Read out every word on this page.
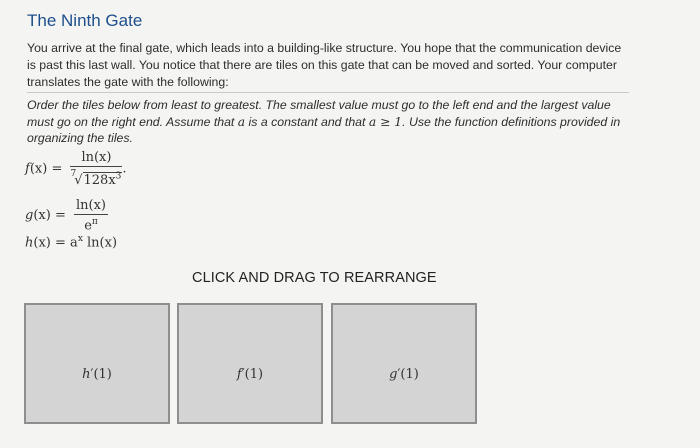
The Ninth Gate
You arrive at the final gate, which leads into a building-like structure. You hope that the communication device is past this last wall. You notice that there are tiles on this gate that can be moved and sorted. Your computer translates the gate with the following:
Order the tiles below from least to greatest. The smallest value must go to the left end and the largest value must go on the right end. Assume that a is a constant and that a ≥ 1. Use the function definitions provided in organizing the tiles.
$f(x) = \frac{\ln(x)}{^7√128x^3}$ .
$g(x) = \frac{\ln(x)}{e^\pi}$
$h(x) = a^x$ ln(x)
CLICK AND DRAG TO REARRANGE
h′(1)	f′(1)	g′(1)
